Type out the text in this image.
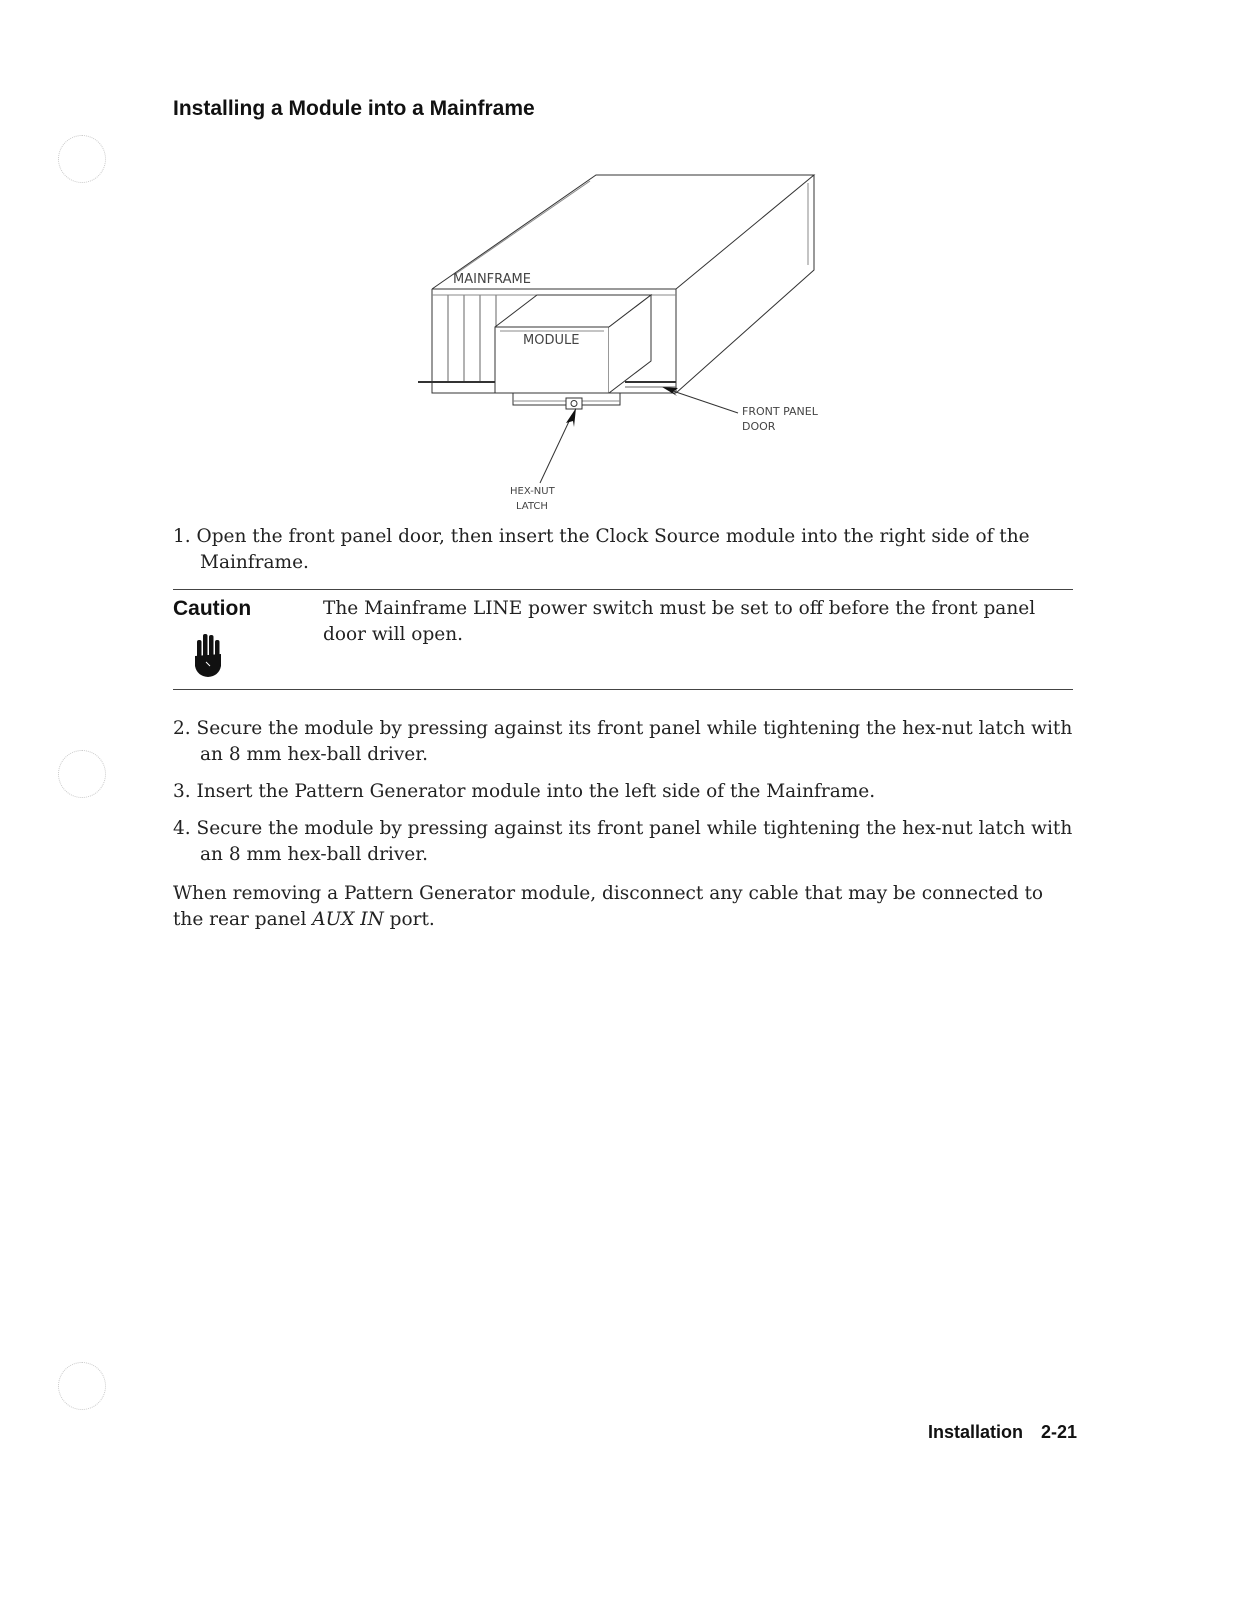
Installing a Module into a Mainframe
MAINFRAME
MODULE
FRONT PANEL
DOOR
HEX-NUT
LATCH

1. Open the front panel door, then insert the Clock Source module into the right side of the Mainframe.

Caution	The Mainframe LINE power switch must be set to off before the front panel door will open.

2. Secure the module by pressing against its front panel while tightening the hex-nut latch with an 8 mm hex-ball driver.

3. Insert the Pattern Generator module into the left side of the Mainframe.

4. Secure the module by pressing against its front panel while tightening the hex-nut latch with an 8 mm hex-ball driver.

When removing a Pattern Generator module, disconnect any cable that may be connected to the rear panel AUX IN port.

Installation 2-21
